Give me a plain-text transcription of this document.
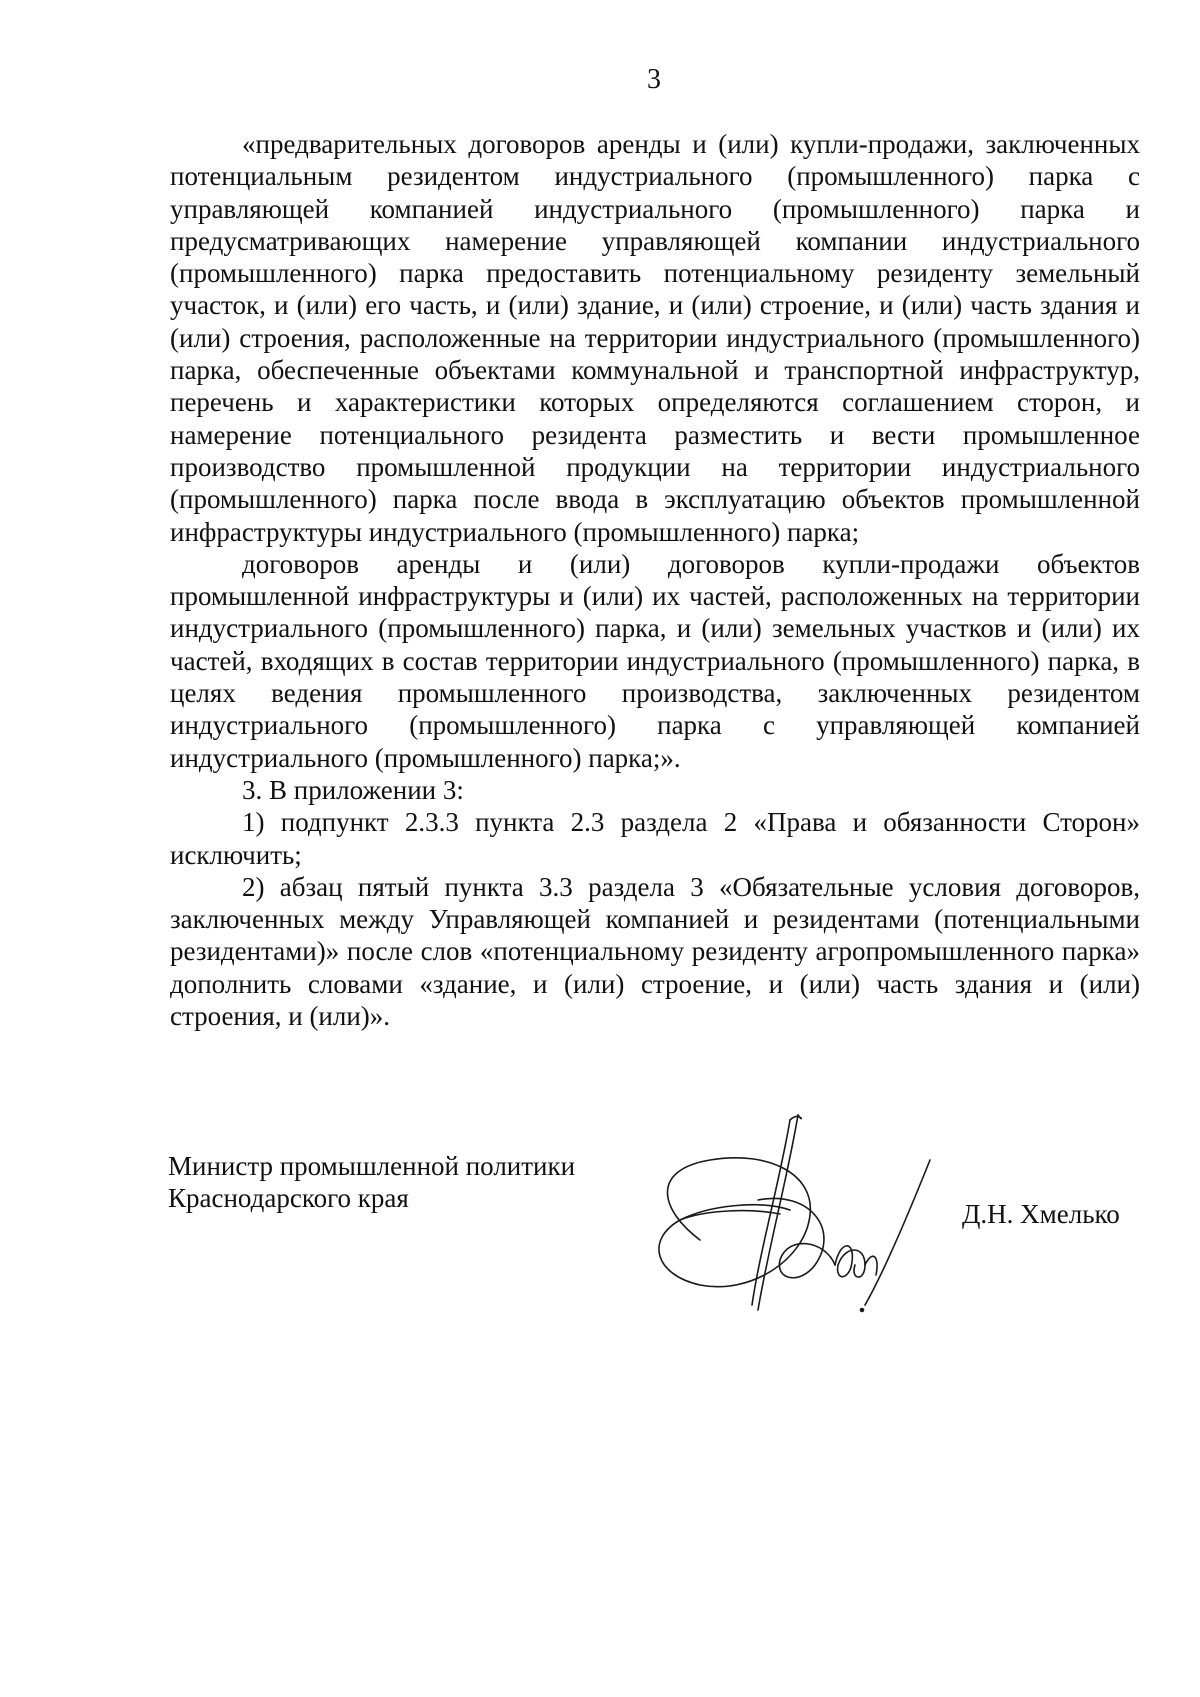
3

«предварительных договоров аренды и (или) купли-продажи, заключенных потенциальным резидентом индустриального (промышленного) парка с управляющей компанией индустриального (промышленного) парка и предусматривающих намерение управляющей компании индустриального (промышленного) парка предоставить потенциальному резиденту земельный участок, и (или) его часть, и (или) здание, и (или) строение, и (или) часть здания и (или) строения, расположенные на территории индустриального (промышленного) парка, обеспеченные объектами коммунальной и транспортной инфраструктур, перечень и характеристики которых определяются соглашением сторон, и намерение потенциального резидента разместить и вести промышленное производство промышленной продукции на территории индустриального (промышленного) парка после ввода в эксплуатацию объектов промышленной инфраструктуры индустриального (промышленного) парка;

договоров аренды и (или) договоров купли-продажи объектов промышленной инфраструктуры и (или) их частей, расположенных на территории индустриального (промышленного) парка, и (или) земельных участков и (или) их частей, входящих в состав территории индустриального (промышленного) парка, в целях ведения промышленного производства, заключенных резидентом индустриального (промышленного) парка с управляющей компанией индустриального (промышленного) парка;».

3. В приложении 3:

1) подпункт 2.3.3 пункта 2.3 раздела 2 «Права и обязанности Сторон» исключить;

2) абзац пятый пункта 3.3 раздела 3 «Обязательные условия договоров, заключенных между Управляющей компанией и резидентами (потенциальными резидентами)» после слов «потенциальному резиденту агропромышленного парка» дополнить словами «здание, и (или) строение, и (или) часть здания и (или) строения, и (или)».

Министр промышленной политики
Краснодарского края
Д.Н. Хмелько
